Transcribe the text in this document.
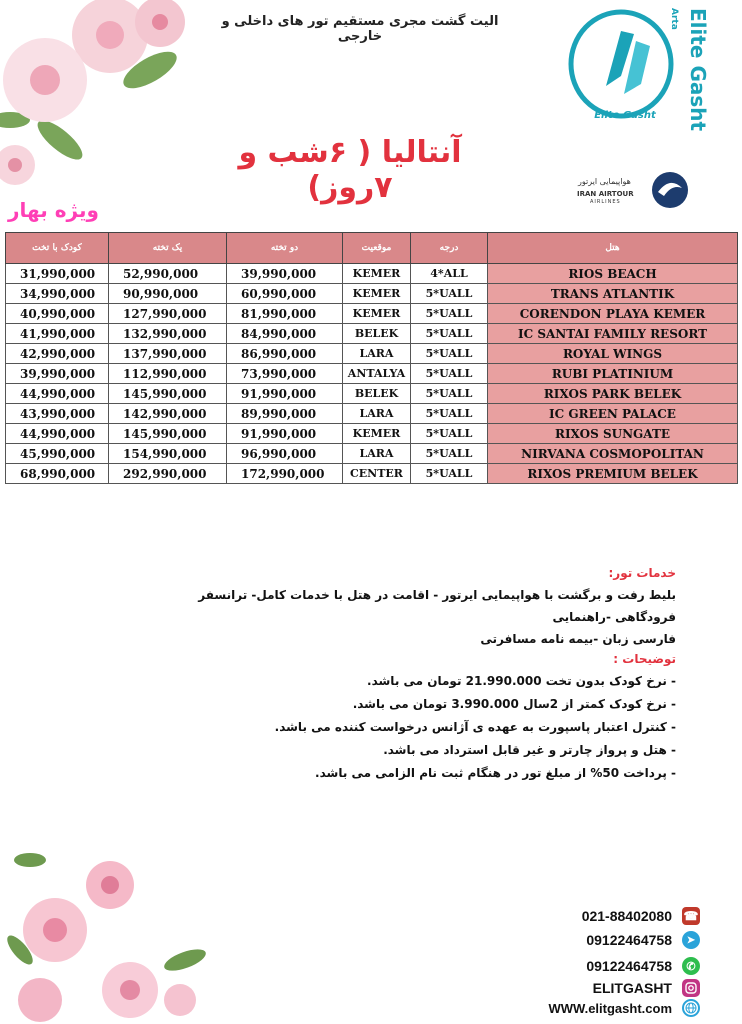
الیت گشت مجری مستقیم تور های داخلی و خارجی	Elite Gasht Arta
Elite Gasht
آنتالیا ( ۶شب و ۷روز)	هواپیمایی ایرتور
IRAN AIRTOUR
AIRLINES
ویژه بهار
کودک با تخت	یک تخته	دو تخته	موقعیت	درجه	هتل
31,990,000	52,990,000	39,990,000	KEMER	4*ALL	RIOS BEACH
34,990,000	90,990,000	60,990,000	KEMER	5*UALL	TRANS ATLANTIK
40,990,000	127,990,000	81,990,000	KEMER	5*UALL	CORENDON PLAYA KEMER
41,990,000	132,990,000	84,990,000	BELEK	5*UALL	IC SANTAI FAMILY RESORT
42,990,000	137,990,000	86,990,000	LARA	5*UALL	ROYAL WINGS
39,990,000	112,990,000	73,990,000	ANTALYA	5*UALL	RUBI PLATINIUM
44,990,000	145,990,000	91,990,000	BELEK	5*UALL	RIXOS PARK BELEK
43,990,000	142,990,000	89,990,000	LARA	5*UALL	IC GREEN PALACE
44,990,000	145,990,000	91,990,000	KEMER	5*UALL	RIXOS SUNGATE
45,990,000	154,990,000	96,990,000	LARA	5*UALL	NIRVANA COSMOPOLITAN
68,990,000	292,990,000	172,990,000	CENTER	5*UALL	RIXOS PREMIUM BELEK
خدمات تور:
بلیط رفت و برگشت با هواپیمایی ایرتور - اقامت در هتل با خدمات کامل- ترانسفر فرودگاهی -راهنمایی
فارسی زبان -بیمه نامه مسافرتی
توضیحات :
- نرخ کودک بدون تخت 21.990.000 تومان می باشد.
- نرخ کودک کمتر از 2سال 3.990.000 تومان می باشد.
- کنترل اعتبار پاسپورت به عهده ی آژانس درخواست کننده می باشد.
- هتل و پرواز چارتر و غیر قابل استرداد می باشد.
- پرداخت 50% از مبلغ تور در هنگام ثبت نام الزامی می باشد.
021-88402080 ☎
09122464758	➤
09122464758	✆
ELITGASHT
WWW.elitgasht.com
